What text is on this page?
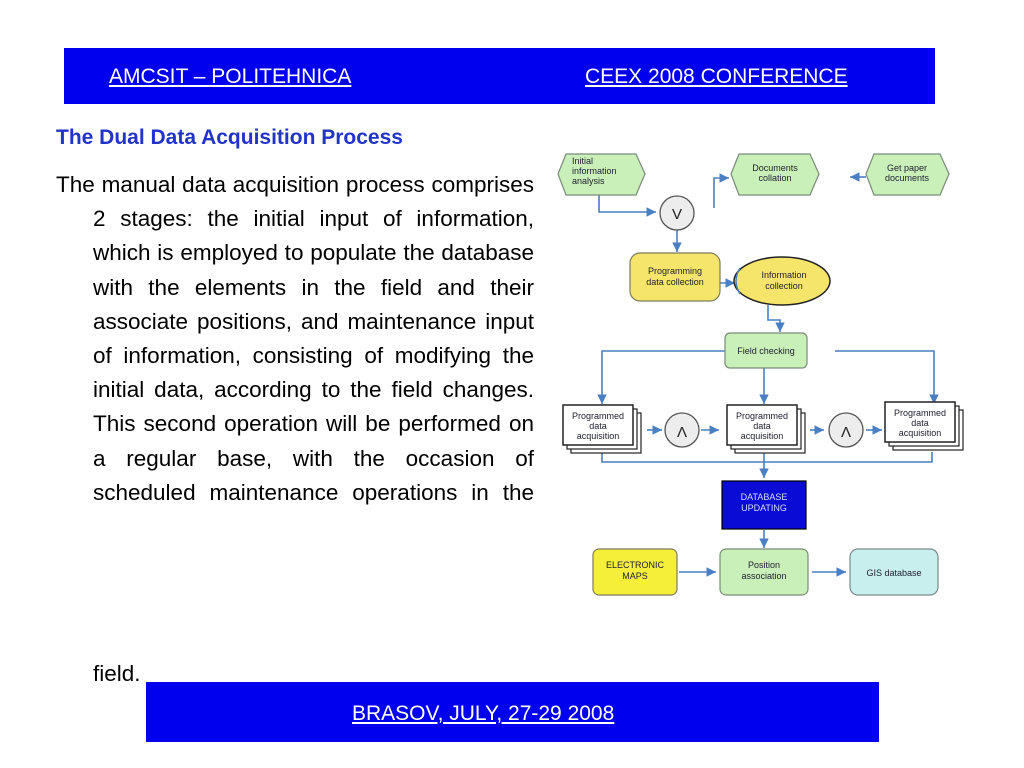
AMCSIT – POLITEHNICA	CEEX 2008 CONFERENCE
The Dual Data Acquisition Process
The manual data acquisition process comprises 2 stages: the initial input of information, which is employed to populate the database with the elements in the field and their associate positions, and maintenance input of information, consisting of modifying the initial data, according to the field changes. This second operation will be performed on a regular base, with the occasion of scheduled maintenance operations in the
field.
Initial information analysis
Documents collation
Get paper documents
V
Programming data collection
Information collection
Field checking
Programmed data acquisition	Λ
Programmed data acquisition	Λ
Programmed data acquisition
DATABASE UPDATING
ELECTRONIC MAPS
Position association	GIS database
BRASOV, JULY, 27-29 2008
